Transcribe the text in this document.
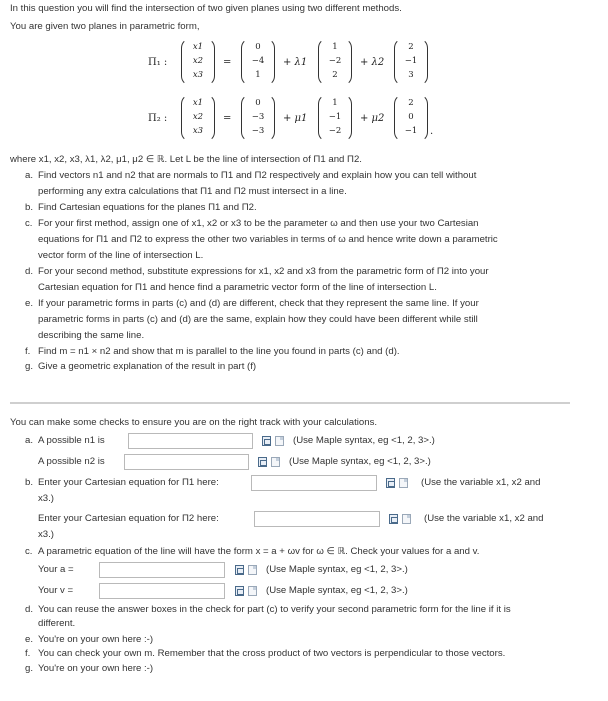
In this question you will find the intersection of two given planes using two different methods.
You are given two planes in parametric form,
Π₁ :
x1
x2
x3
=
0
−4
1
+ λ1
1
−2
2
+ λ2
2
−1
3
Π₂ :
x1
x2
x3
=
0
−3
−3
+ μ1
1
−1
−2
+ μ2
2
0
−1	.
where x1, x2, x3, λ1, λ2, μ1, μ2 ∈ ℝ. Let L be the line of intersection of Π1 and Π2.
a. Find vectors n1 and n2 that are normals to Π1 and Π2 respectively and explain how you can tell without
performing any extra calculations that Π1 and Π2 must intersect in a line.
b. Find Cartesian equations for the planes Π1 and Π2.
c. For your first method, assign one of x1, x2 or x3 to be the parameter ω and then use your two Cartesian
equations for Π1 and Π2 to express the other two variables in terms of ω and hence write down a parametric
vector form of the line of intersection L.
d. For your second method, substitute expressions for x1, x2 and x3 from the parametric form of Π2 into your
Cartesian equation for Π1 and hence find a parametric vector form of the line of intersection L.
e. If your parametric forms in parts (c) and (d) are different, check that they represent the same line. If your
parametric forms in parts (c) and (d) are the same, explain how they could have been different while still
describing the same line.
f. Find m = n1 × n2 and show that m is parallel to the line you found in parts (c) and (d).
g. Give a geometric explanation of the result in part (f)
You can make some checks to ensure you are on the right track with your calculations.
a. A possible n1 is	(Use Maple syntax, eg <1, 2, 3>.)
A possible n2 is	(Use Maple syntax, eg <1, 2, 3>.)
b. Enter your Cartesian equation for Π1 here:	(Use the variable x1, x2 and
x3.)
Enter your Cartesian equation for Π2 here:	(Use the variable x1, x2 and
x3.)
c. A parametric equation of the line will have the form x = a + ωv for ω ∈ ℝ. Check your values for a and v.
Your a =	(Use Maple syntax, eg <1, 2, 3>.)
Your v =	(Use Maple syntax, eg <1, 2, 3>.)
d. You can reuse the answer boxes in the check for part (c) to verify your second parametric form for the line if it is
different.
e. You're on your own here :-)
f. You can check your own m. Remember that the cross product of two vectors is perpendicular to those vectors.
g. You're on your own here :-)
